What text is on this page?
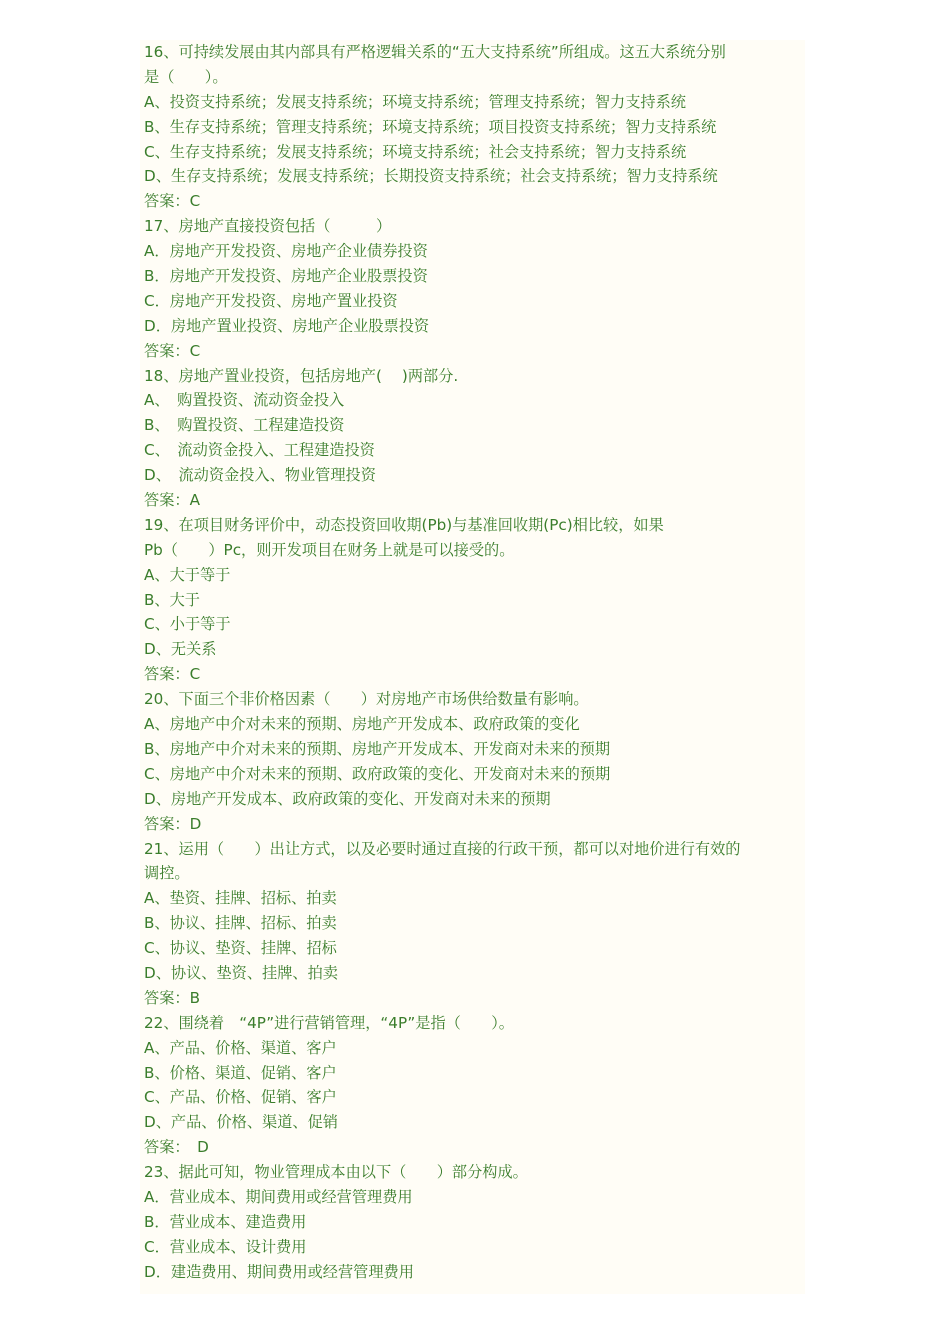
16、可持续发展由其内部具有严格逻辑关系的“五大支持系统”所组成。这五大系统分别
是（　　）。
A、投资支持系统；发展支持系统；环境支持系统；管理支持系统；智力支持系统
B、生存支持系统；管理支持系统；环境支持系统；项目投资支持系统；智力支持系统
C、生存支持系统；发展支持系统；环境支持系统；社会支持系统；智力支持系统
D、生存支持系统；发展支持系统；长期投资支持系统；社会支持系统；智力支持系统
答案：C
17、房地产直接投资包括（　　　）
A．房地产开发投资、房地产企业债券投资
B．房地产开发投资、房地产企业股票投资
C．房地产开发投资、房地产置业投资
D．房地产置业投资、房地产企业股票投资
答案：C
18、房地产置业投资，包括房地产(　 )两部分.
A、　购置投资、流动资金投入
B、　购置投资、工程建造投资
C、　流动资金投入、工程建造投资
D、　流动资金投入、物业管理投资
答案：A
19、在项目财务评价中，动态投资回收期(Pb)与基准回收期(Pc)相比较，如果
Pb（　　）Pc，则开发项目在财务上就是可以接受的。
A、大于等于
B、大于
C、小于等于
D、无关系
答案：C
20、下面三个非价格因素（　　）对房地产市场供给数量有影响。
A、房地产中介对未来的预期、房地产开发成本、政府政策的变化
B、房地产中介对未来的预期、房地产开发成本、开发商对未来的预期
C、房地产中介对未来的预期、政府政策的变化、开发商对未来的预期
D、房地产开发成本、政府政策的变化、开发商对未来的预期
答案：D
21、运用（　　）出让方式，以及必要时通过直接的行政干预，都可以对地价进行有效的
调控。
A、垫资、挂牌、招标、拍卖
B、协议、挂牌、招标、拍卖
C、协议、垫资、挂牌、招标
D、协议、垫资、挂牌、拍卖
答案：B
22、围绕着　“4P”进行营销管理，“4P”是指（　　）。
A、产品、价格、渠道、客户
B、价格、渠道、促销、客户
C、产品、价格、促销、客户
D、产品、价格、渠道、促销
答案：　D
23、据此可知，物业管理成本由以下（　　）部分构成。
A．营业成本、期间费用或经营管理费用
B．营业成本、建造费用
C．营业成本、设计费用
D．建造费用、期间费用或经营管理费用
